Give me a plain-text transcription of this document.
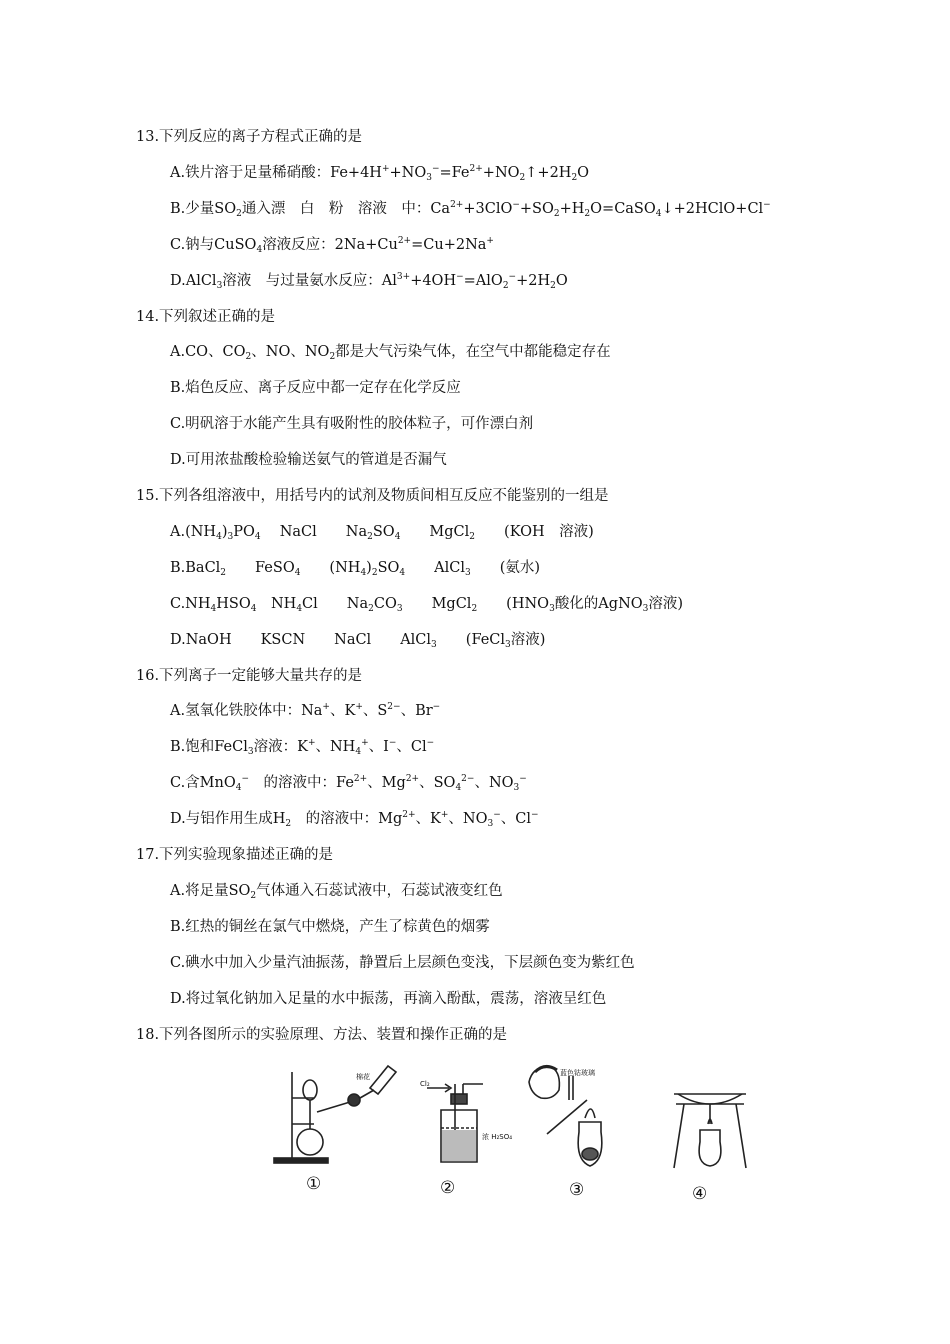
13.下列反应的离子方程式正确的是
A.铁片溶于足量稀硝酸：$Fe+4H^++NO_3^-=Fe^{2+}+NO_2↑+2H_2O$
B.少量$SO_2$通入漂　白　粉　溶液　中：$Ca^{2+}+3ClO^-+SO_2+H_2O=CaSO_4↓+2HClO+Cl^-$
C.钠与CuSO$_4$溶液反应：$2Na+Cu^{2+}=Cu+2Na^+$
D.AlCl$_3$溶液　与过量氨水反应：$Al^{3+}+4OH^-=AlO_2^-+2H_2O$
14.下列叙述正确的是
A.CO、$CO_2$、NO、$NO_2$都是大气污染气体，在空气中都能稳定存在
B.焰色反应、离子反应中都一定存在化学反应
C.明矾溶于水能产生具有吸附性的胶体粒子，可作漂白剂
D.可用浓盐酸检验输送氨气的管道是否漏气
15.下列各组溶液中，用括号内的试剂及物质间相互反应不能鉴别的一组是
$A.(NH_4)_3PO_4$　 NaCl　　$Na_2SO_4$　　MgCl$_2$　　(KOH　溶液)
B.BaCl$_2$　　FeSO$_4$　　$(NH_4)_2SO_4$　　AlCl$_3$　　(氨水)
$C.NH_4HSO_4$　$NH_4Cl$　　$Na_2CO_3$　　MgCl$_2$　　($HNO_3$酸化的AgNO$_3$溶液)
D.NaOH　　KSCN　　NaCl　　AlCl$_3$　　(FeCl$_3$溶液)
16.下列离子一定能够大量共存的是
A.氢氧化铁胶体中：Na+、K+、$S^{2-}$、Br−
B.饱和FeCl$_3$溶液：K+、$NH_4^+$、I−、Cl−
C.含MnO$_4$−　的溶液中：$Fe^{2+}$、$Mg^{2+}$、$SO_4^{2-}$、$NO_3^-$
D.与铝作用生成$H_2$　的溶液中：$Mg^{2+}$、K+、$NO_3^-$、Cl−
17.下列实验现象描述正确的是
A.将足量$SO_2$气体通入石蕊试液中，石蕊试液变红色
B.红热的铜丝在氯气中燃烧，产生了棕黄色的烟雾
C.碘水中加入少量汽油振荡，静置后上层颜色变浅，下层颜色变为紫红色
D.将过氧化钠加入足量的水中振荡，再滴入酚酞，震荡，溶液呈红色
18.下列各图所示的实验原理、方法、装置和操作正确的是
棉花
Cl₂
浓 H₂SO₄
蓝色钴玻璃
①	②	③	④
